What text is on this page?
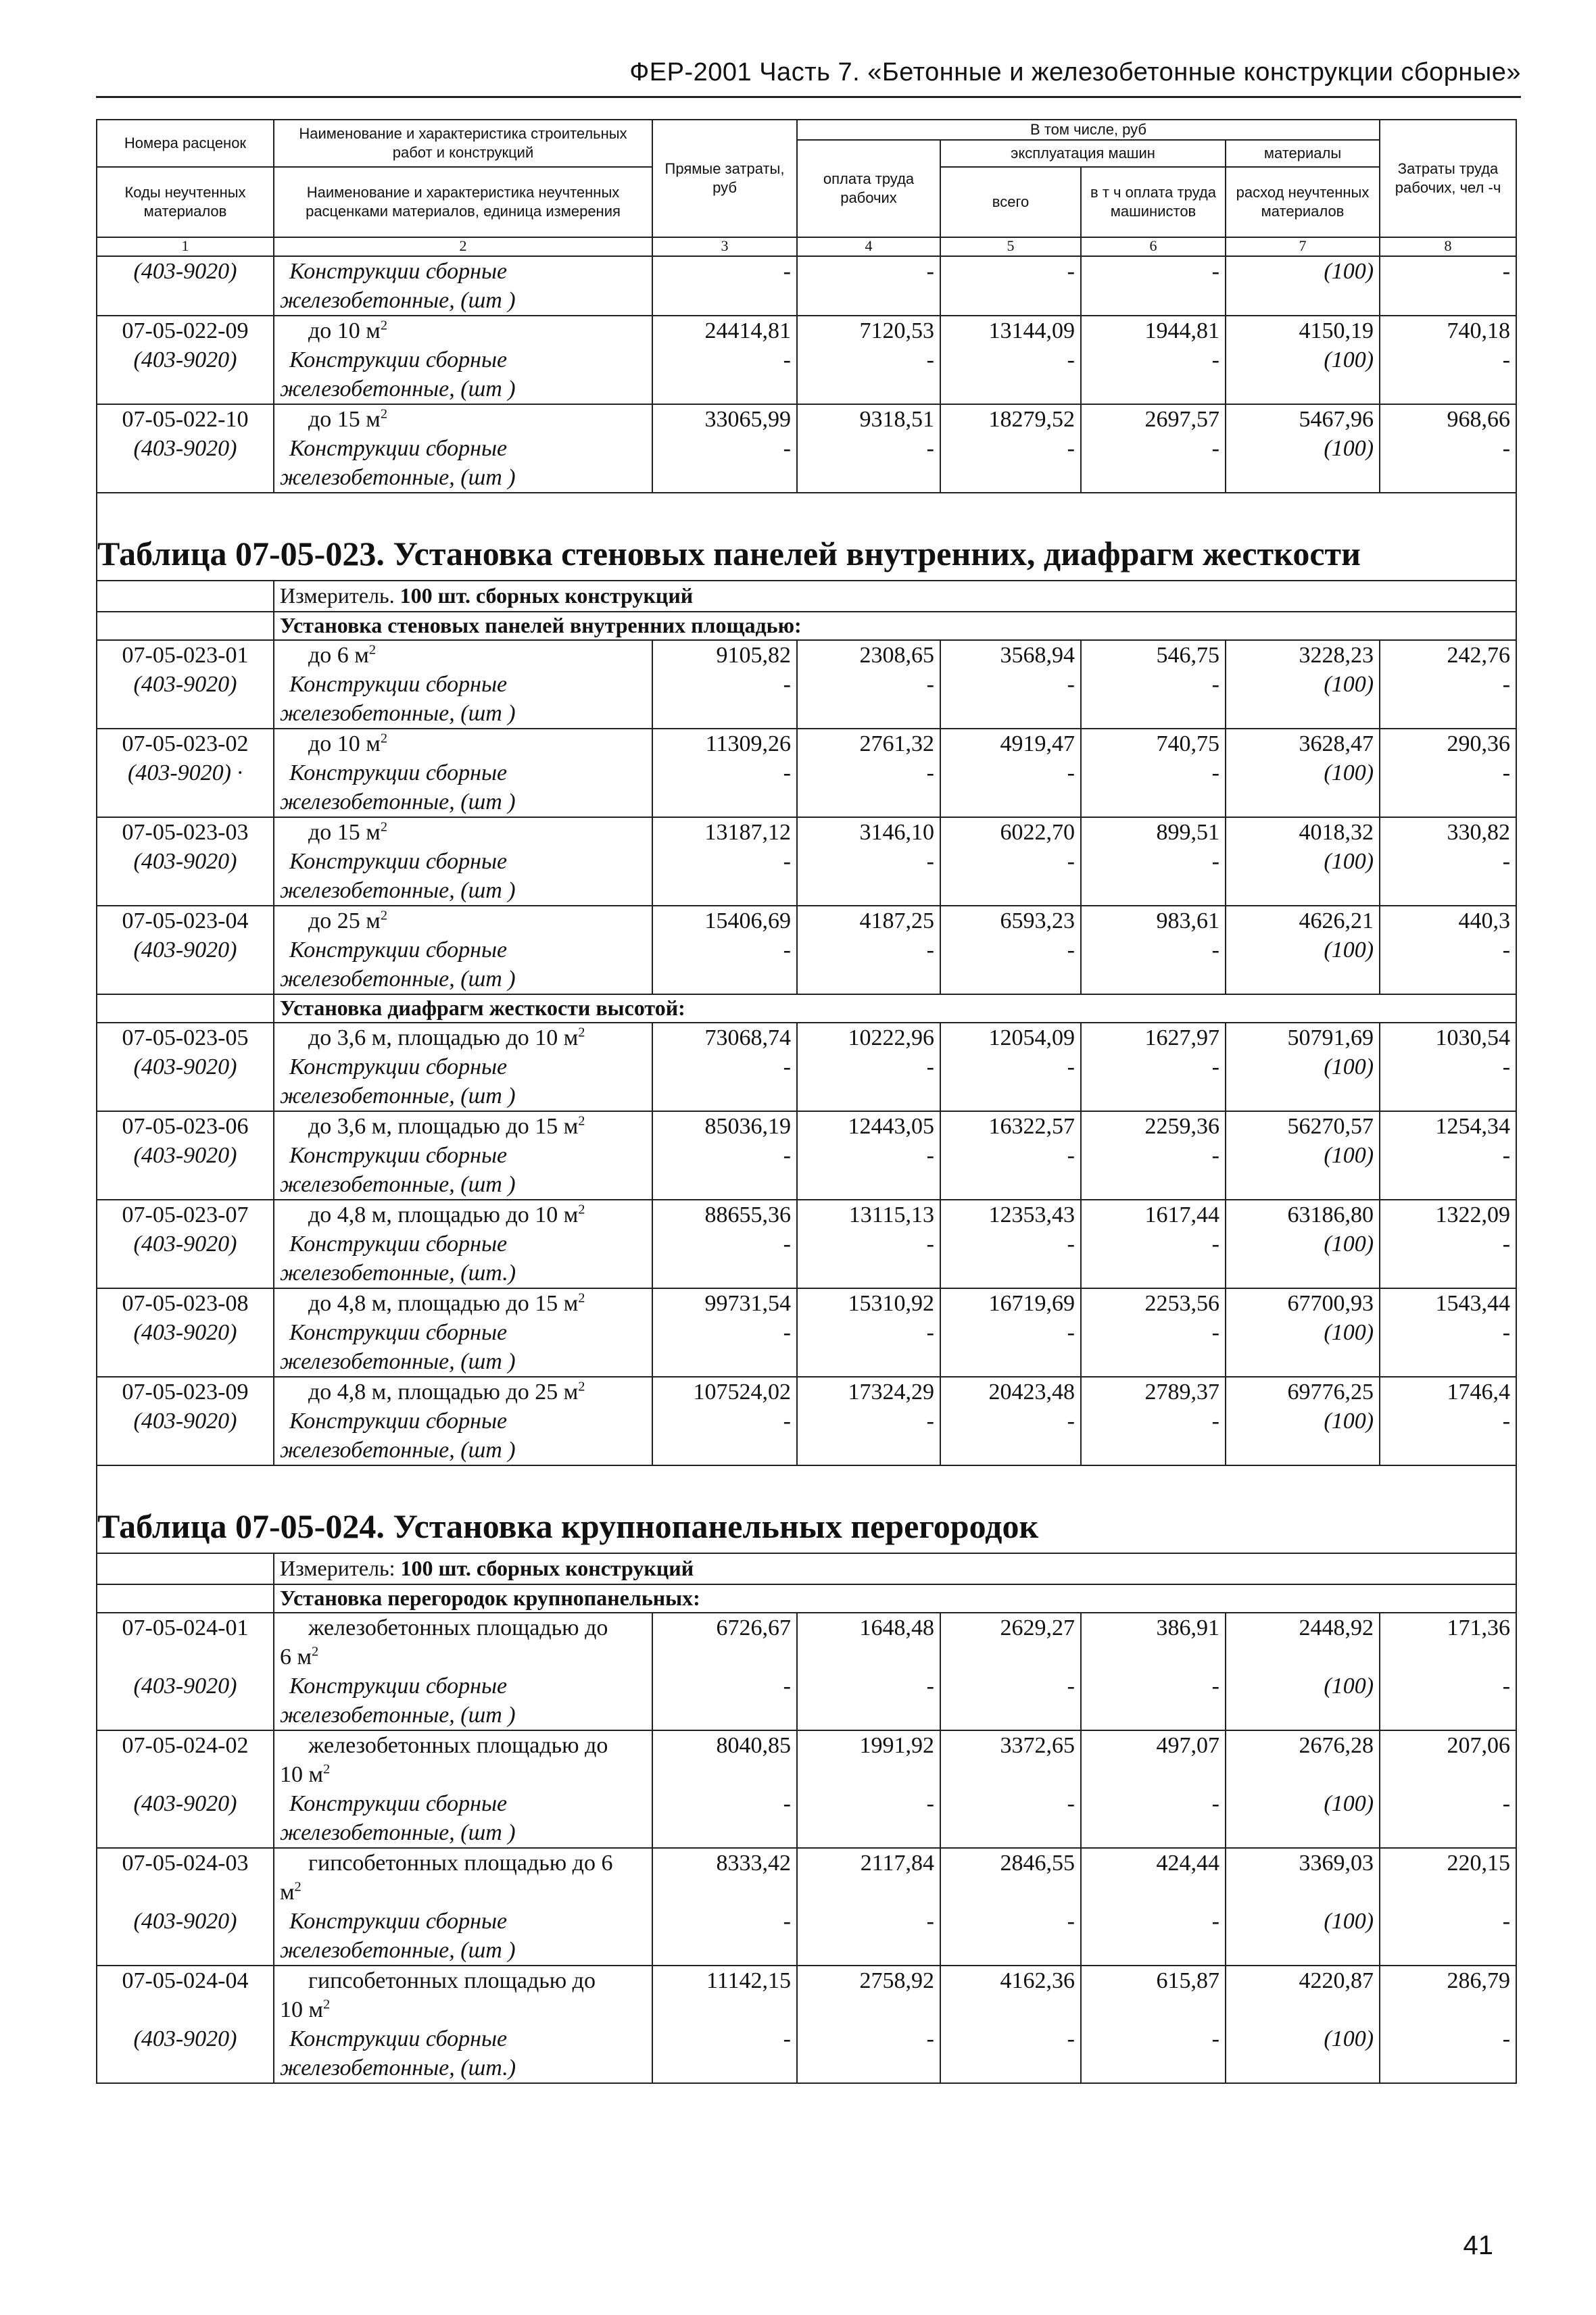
ФЕР-2001 Часть 7. «Бетонные и железобетонные конструкции сборные»
Номера расценок	Наименование и характеристика строительных работ и конструкций	Прямые затраты, руб	В том числе, руб				Затраты труда рабочих, чел -ч
			оплата труда рабочих	эксплуатация машин		материалы	
Коды неучтенных материалов	Наименование и характеристика неучтенных расценками материалов, единица измерения			всего	в т ч оплата труда машинистов	расход неучтенных материалов	

1	2	3	4	5	6	7	8
(403-9020)	Конструкции сборные	-	-	-	-	(100)	-
	железобетонные, (шт )						
07-05-022-09	до 10 $м^2$	24414,81	7120,53	13144,09	1944,81	4150,19	740,18
(403-9020)	Конструкции сборные	-	-	-	-	(100)	-
	железобетонные, (шт )						
07-05-022-10	до 15 $м^2$	33065,99	9318,51	18279,52	2697,57	5467,96	968,66
(403-9020)	Конструкции сборные	-	-	-	-	(100)	-
	железобетонные, (шт )						
Таблица 07-05-023. Установка стеновых панелей внутренних, диафрагм жесткости							
	Измеритель. 100 шт. сборных конструкций						
	Установка стеновых панелей внутренних площадью:						
07-05-023-01	до 6 $м^2$	9105,82	2308,65	3568,94	546,75	3228,23	242,76
(403-9020)	Конструкции сборные	-	-	-	-	(100)	-
	железобетонные, (шт )						
07-05-023-02	до 10 $м^2$	11309,26	2761,32	4919,47	740,75	3628,47	290,36
(403-9020) ·	Конструкции сборные	-	-	-	-	(100)	-
	железобетонные, (шт )						
07-05-023-03	до 15 $м^2$	13187,12	3146,10	6022,70	899,51	4018,32	330,82
(403-9020)	Конструкции сборные	-	-	-	-	(100)	-
	железобетонные, (шт )						
07-05-023-04	до 25 $м^2$	15406,69	4187,25	6593,23	983,61	4626,21	440,3
(403-9020)	Конструкции сборные	-	-	-	-	(100)	-
	железобетонные, (шт )						
	Установка диафрагм жесткости высотой:						
07-05-023-05	до 3,6 м, площадью до 10 $м^2$	73068,74	10222,96	12054,09	1627,97	50791,69	1030,54
(403-9020)	Конструкции сборные	-	-	-	-	(100)	-
	железобетонные, (шт )						
07-05-023-06	до 3,6 м, площадью до 15 $м^2$	85036,19	12443,05	16322,57	2259,36	56270,57	1254,34
(403-9020)	Конструкции сборные	-	-	-	-	(100)	-
	железобетонные, (шт )						
07-05-023-07	до 4,8 м, площадью до 10 $м^2$	88655,36	13115,13	12353,43	1617,44	63186,80	1322,09
(403-9020)	Конструкции сборные	-	-	-	-	(100)	-
	железобетонные, (шт.)						
07-05-023-08	до 4,8 м, площадью до 15 $м^2$	99731,54	15310,92	16719,69	2253,56	67700,93	1543,44
(403-9020)	Конструкции сборные	-	-	-	-	(100)	-
	железобетонные, (шт )						
07-05-023-09	до 4,8 м, площадью до 25 $м^2$	107524,02	17324,29	20423,48	2789,37	69776,25	1746,4
(403-9020)	Конструкции сборные	-	-	-	-	(100)	-
	железобетонные, (шт )						
Таблица 07-05-024. Установка крупнопанельных перегородок							
	Измеритель: 100 шт. сборных конструкций						
	Установка перегородок крупнопанельных:						
07-05-024-01	железобетонных площадью до	6726,67	1648,48	2629,27	386,91	2448,92	171,36
	6 $м^2$						
(403-9020)	Конструкции сборные	-	-	-	-	(100)	-
	железобетонные, (шт )						
07-05-024-02	железобетонных площадью до	8040,85	1991,92	3372,65	497,07	2676,28	207,06
	10 $м^2$						
(403-9020)	Конструкции сборные	-	-	-	-	(100)	-
	железобетонные, (шт )						
07-05-024-03	гипсобетонных площадью до 6	8333,42	2117,84	2846,55	424,44	3369,03	220,15
	$м^2$						
(403-9020)	Конструкции сборные	-	-	-	-	(100)	-
	железобетонные, (шт )						
07-05-024-04	гипсобетонных площадью до	11142,15	2758,92	4162,36	615,87	4220,87	286,79
	10 $м^2$						
(403-9020)	Конструкции сборные	-	-	-	-	(100)	-
	железобетонные, (шт.)						
41
